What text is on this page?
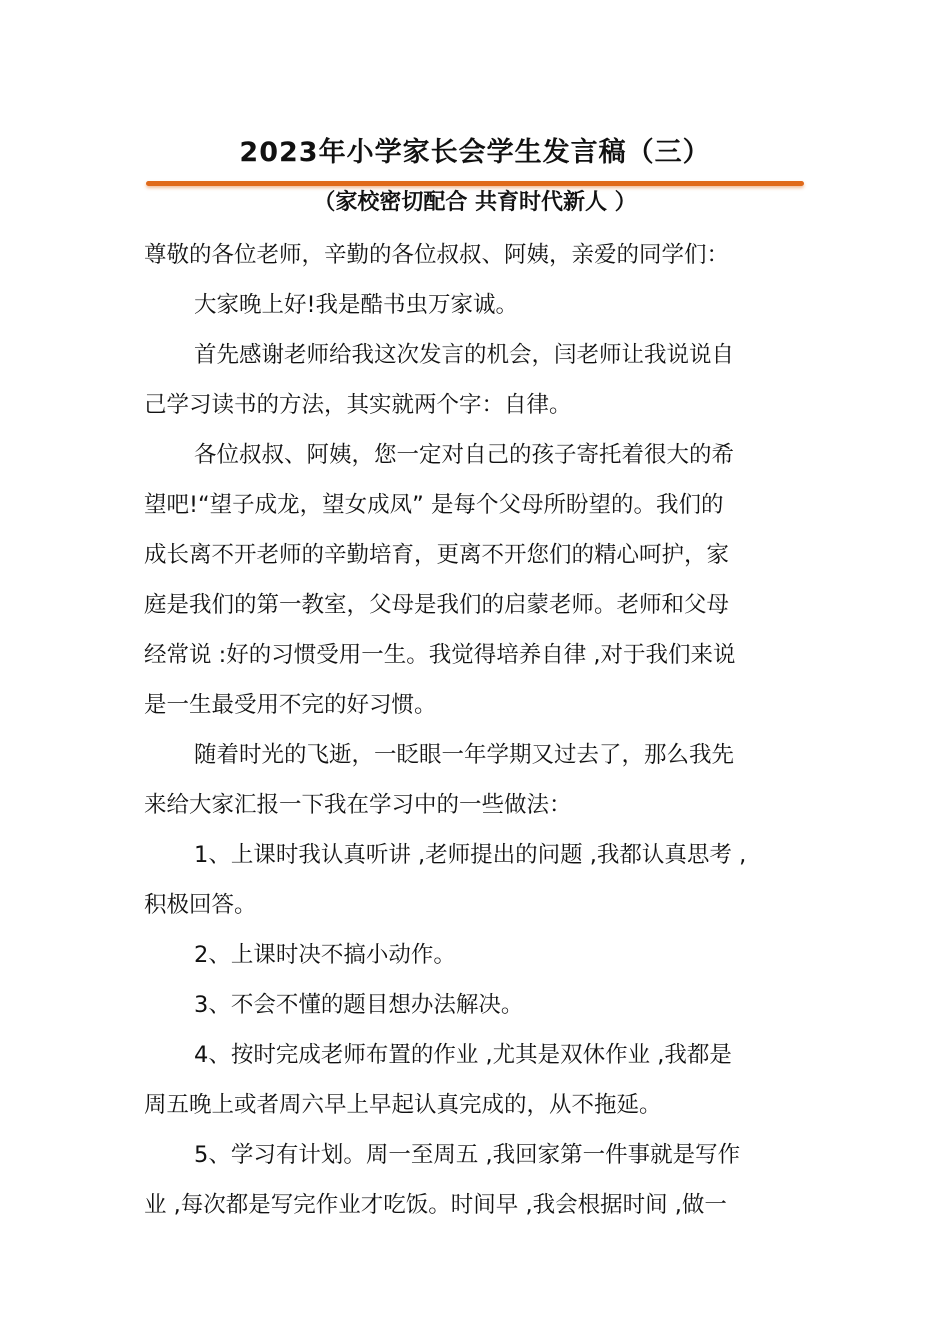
2023年小学家长会学生发言稿（三）
（家校密切配合 共育时代新人 ）

尊敬的各位老师，辛勤的各位叔叔、阿姨，亲爱的同学们：

大家晚上好!我是酷书虫万家诚。

首先感谢老师给我这次发言的机会，闫老师让我说说自

己学习读书的方法，其实就两个字：自律。

各位叔叔、阿姨，您一定对自己的孩子寄托着很大的希

望吧!“望子成龙，望女成凤” 是每个父母所盼望的。我们的

成长离不开老师的辛勤培育，更离不开您们的精心呵护，家

庭是我们的第一教室，父母是我们的启蒙老师。老师和父母

经常说 :好的习惯受用一生。我觉得培养自律 ,对于我们来说

是一生最受用不完的好习惯。

随着时光的飞逝，一眨眼一年学期又过去了，那么我先

来给大家汇报一下我在学习中的一些做法：

1、上课时我认真听讲 ,老师提出的问题 ,我都认真思考 ,

积极回答。

2、上课时决不搞小动作。

3、不会不懂的题目想办法解决。

4、按时完成老师布置的作业 ,尤其是双休作业 ,我都是

周五晚上或者周六早上早起认真完成的，从不拖延。

5、学习有计划。周一至周五 ,我回家第一件事就是写作

业 ,每次都是写完作业才吃饭。时间早 ,我会根据时间 ,做一
